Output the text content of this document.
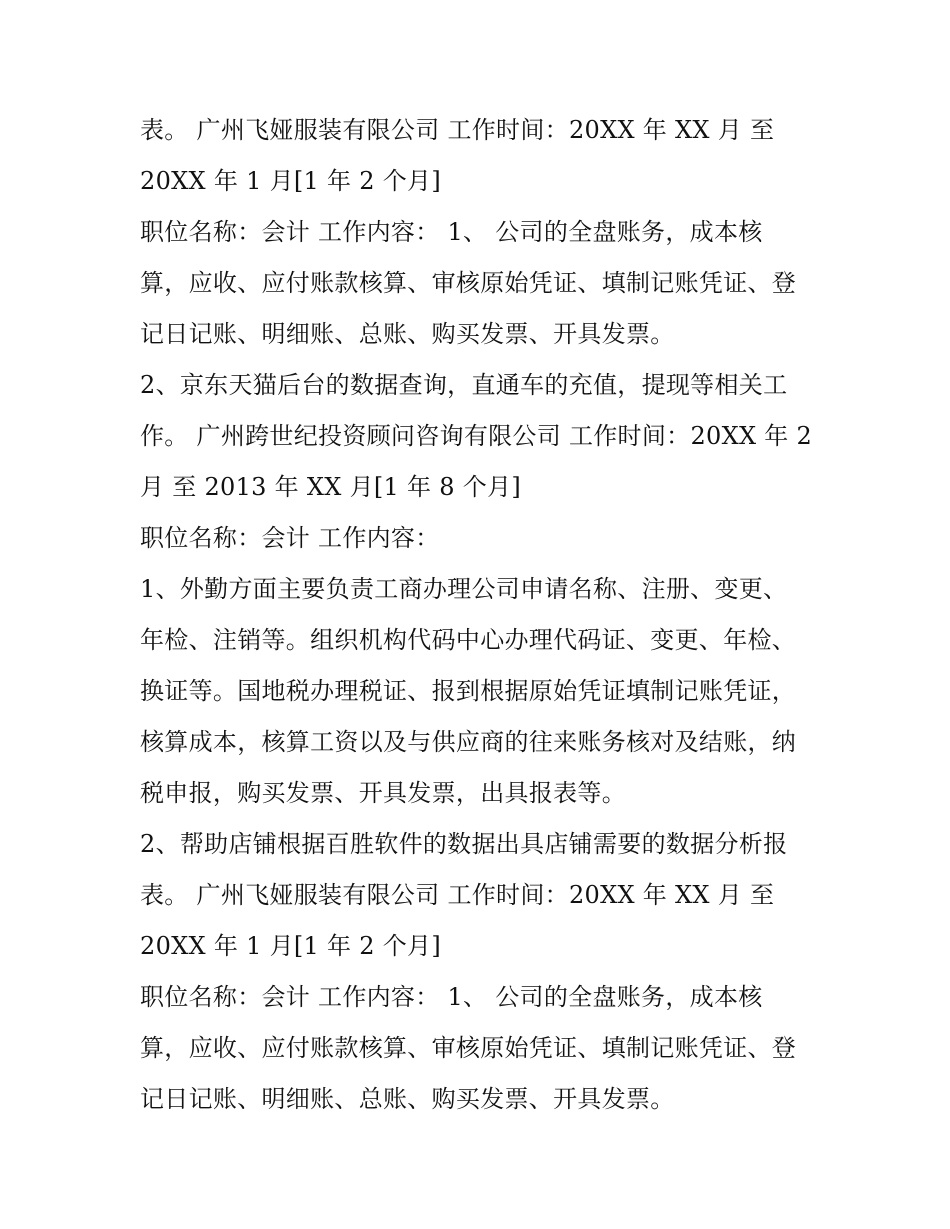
表。 广州飞娅服装有限公司 工作时间：20XX 年 XX 月 至
20XX 年 1 月[1 年 2 个月]
职位名称：会计 工作内容： 1、 公司的全盘账务，成本核
算，应收、应付账款核算、审核原始凭证、填制记账凭证、登
记日记账、明细账、总账、购买发票、开具发票。
2、京东天猫后台的数据查询，直通车的充值，提现等相关工
作。 广州跨世纪投资顾问咨询有限公司 工作时间：20XX 年 2
月 至 2013 年 XX 月[1 年 8 个月]
职位名称：会计 工作内容：
1、外勤方面主要负责工商办理公司申请名称、注册、变更、
年检、注销等。组织机构代码中心办理代码证、变更、年检、
换证等。国地税办理税证、报到根据原始凭证填制记账凭证，
核算成本，核算工资以及与供应商的往来账务核对及结账，纳
税申报，购买发票、开具发票，出具报表等。
2、帮助店铺根据百胜软件的数据出具店铺需要的数据分析报
表。 广州飞娅服装有限公司 工作时间：20XX 年 XX 月 至
20XX 年 1 月[1 年 2 个月]
职位名称：会计 工作内容： 1、 公司的全盘账务，成本核
算，应收、应付账款核算、审核原始凭证、填制记账凭证、登
记日记账、明细账、总账、购买发票、开具发票。
